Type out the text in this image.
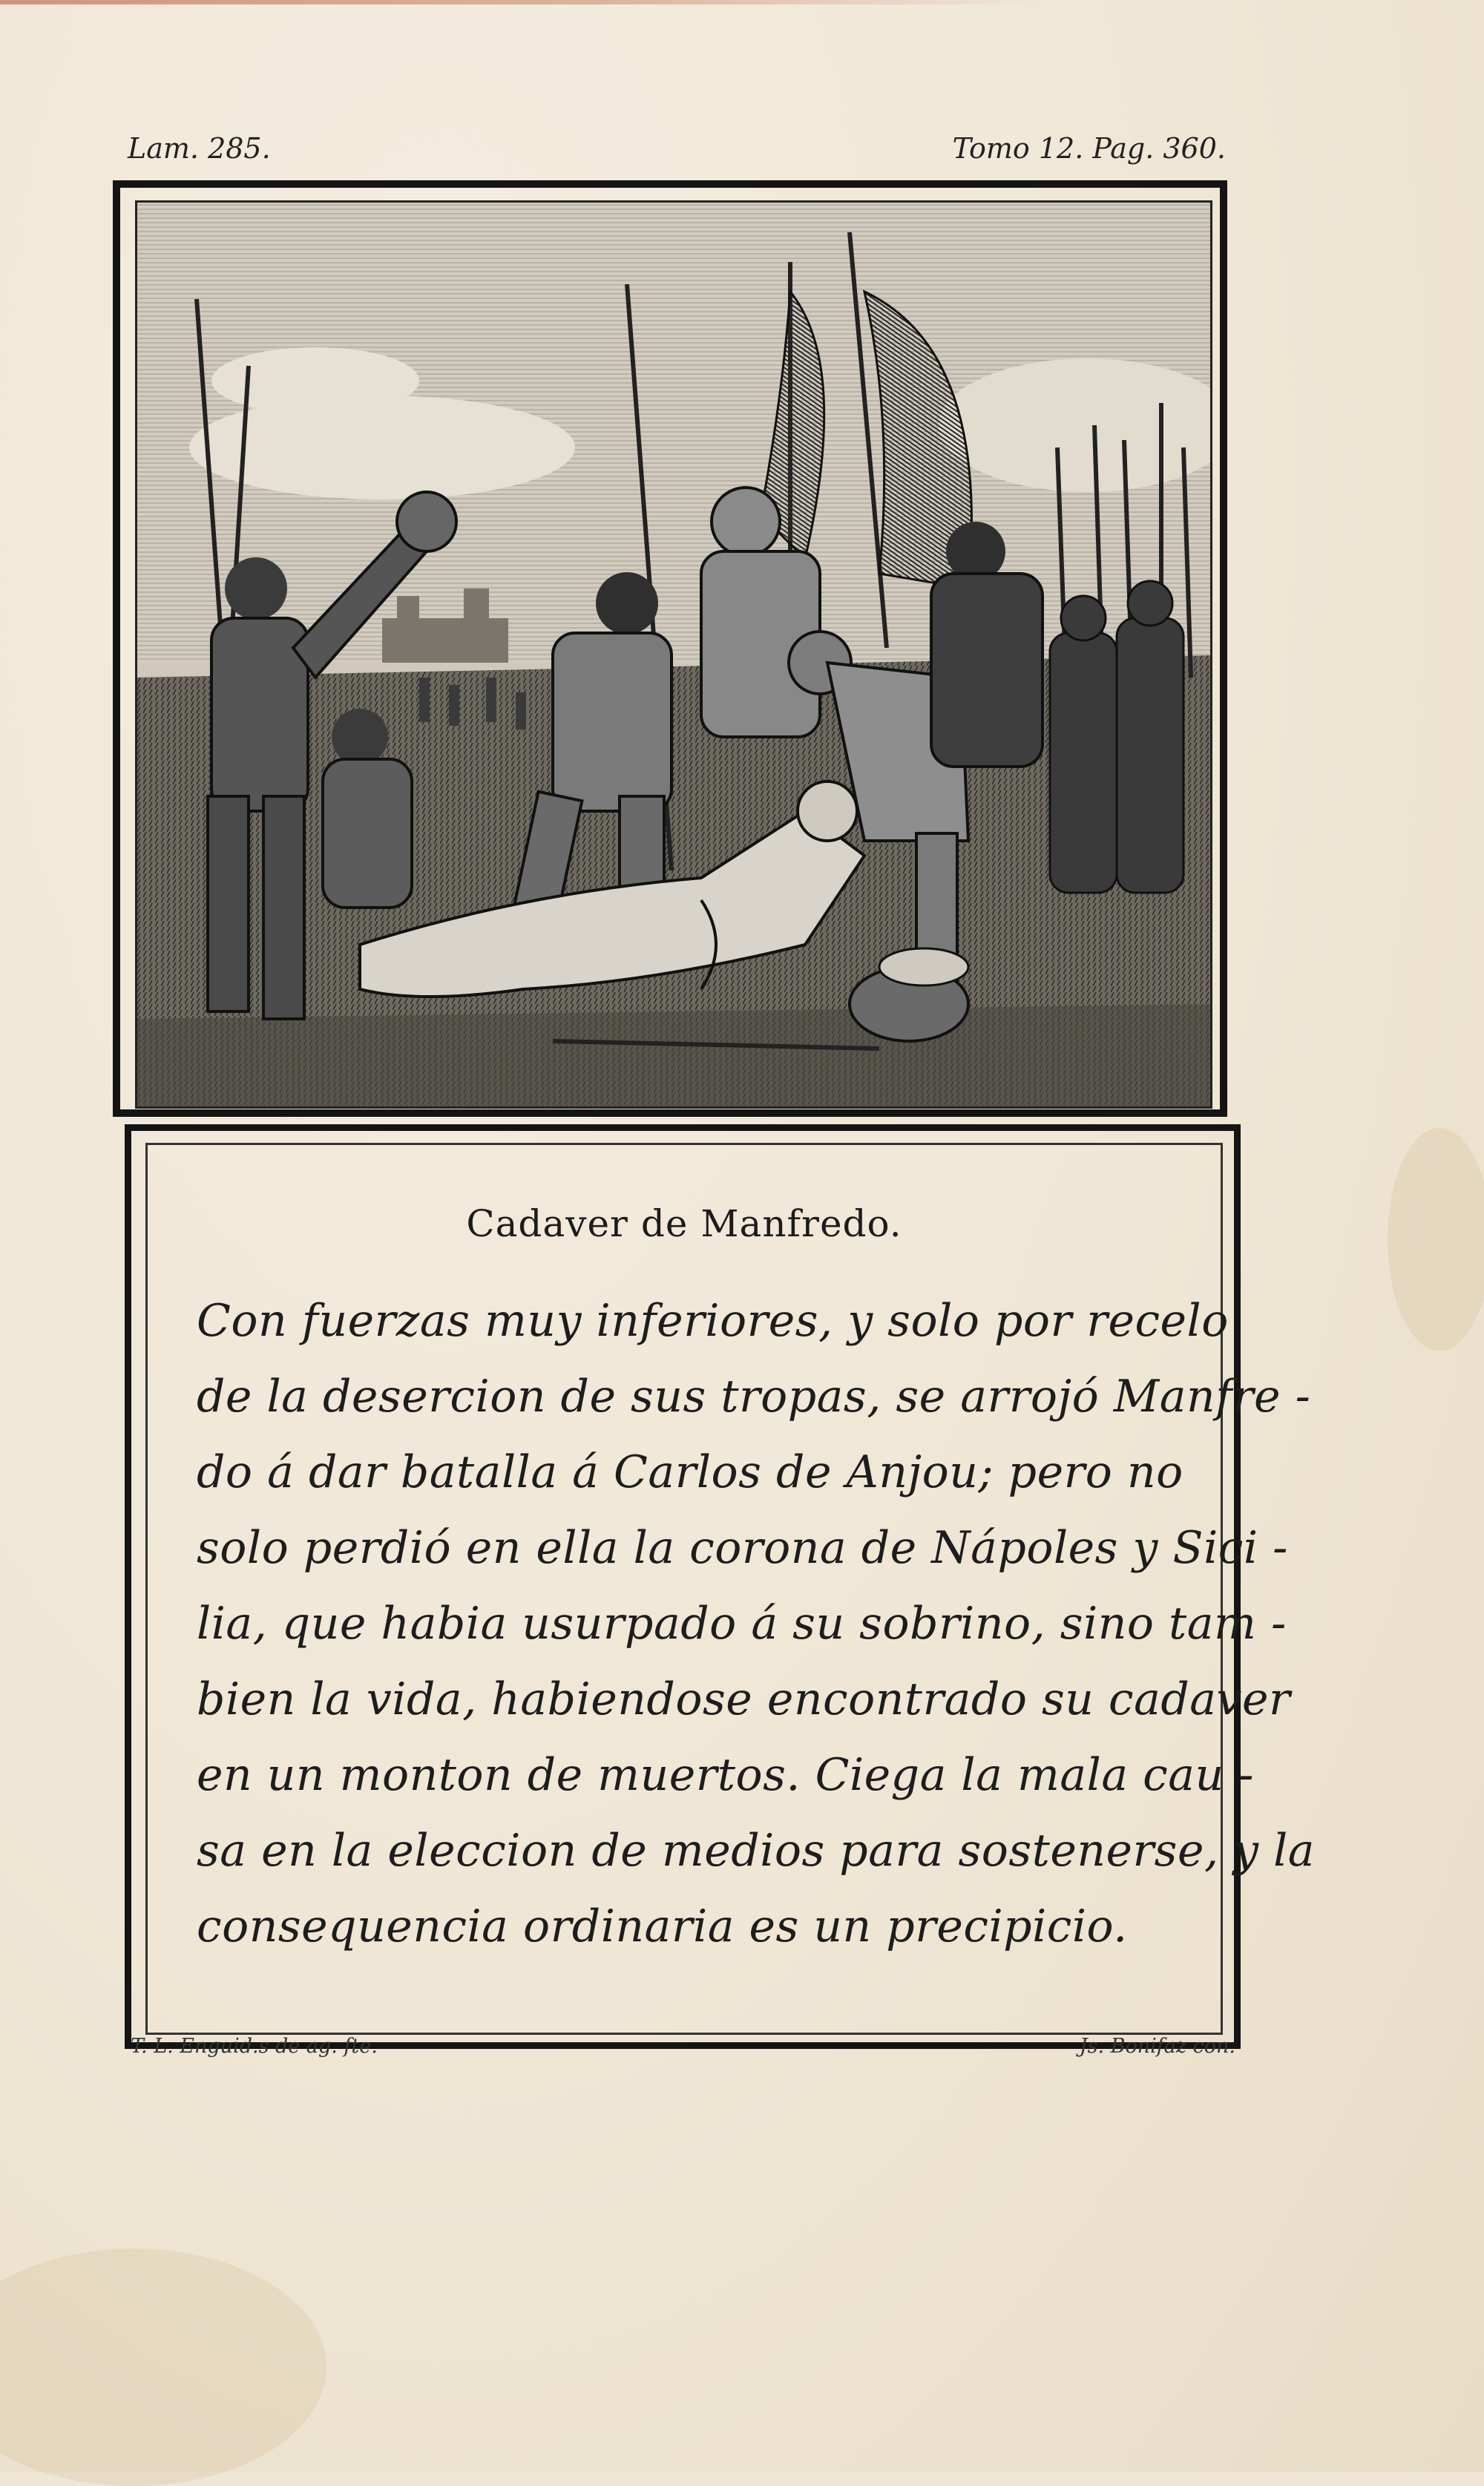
Lam. 285.	Tomo 12. Pag. 360.
Cadaver de Manfredo.
Con fuerzas muy inferiores, y solo por recelo
de la desercion de sus tropas, se arrojó Manfre -
do á dar batalla á Carlos de Anjou; pero no
solo perdió en ella la corona de Nápoles y Sici -
lia, que habia usurpado á su sobrino, sino tam -
bien la vida, habiendose encontrado su cadaver
en un monton de muertos. Ciega la mala cau -
sa en la eleccion de medios para sostenerse, y la
consequencia ordinaria es un precipicio.
T. L. Enguid.s de ag. fte.	Js. Bonifaz con.
